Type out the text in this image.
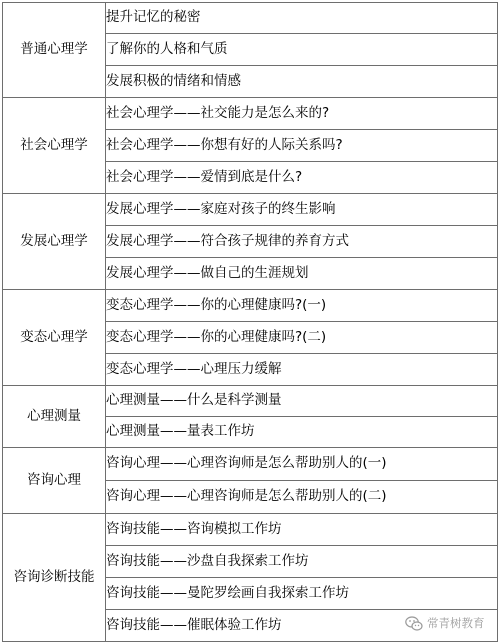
普通心理学	提升记忆的秘密
	了解你的人格和气质
	发展积极的情绪和情感
社会心理学	社会心理学——社交能力是怎么来的?
	社会心理学——你想有好的人际关系吗?
	社会心理学——爱情到底是什么?
发展心理学	发展心理学——家庭对孩子的终生影响
	发展心理学——符合孩子规律的养育方式
	发展心理学——做自己的生涯规划
变态心理学	变态心理学——你的心理健康吗?(一)
	变态心理学——你的心理健康吗?(二)
	变态心理学——心理压力缓解
心理测量	心理测量——什么是科学测量
	心理测量——量表工作坊
咨询心理	咨询心理——心理咨询师是怎么帮助别人的(一)
	咨询心理——心理咨询师是怎么帮助别人的(二)
咨询诊断技能	咨询技能——咨询模拟工作坊
	咨询技能——沙盘自我探索工作坊
	咨询技能——曼陀罗绘画自我探索工作坊
	咨询技能——催眠体验工作坊	常青树教育
